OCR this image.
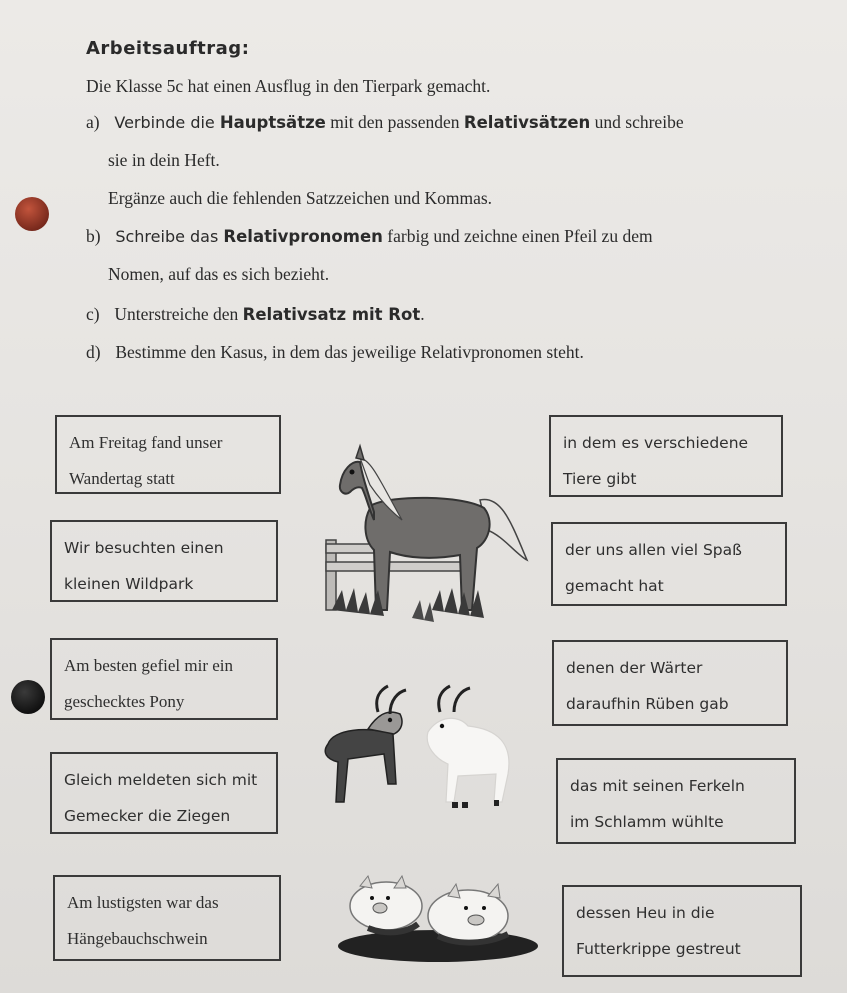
Arbeitsauftrag:
Die Klasse 5c hat einen Ausflug in den Tierpark gemacht.
a) Verbinde die Hauptsätze mit den passenden Relativsätzen und schreibe
sie in dein Heft.
Ergänze auch die fehlenden Satzzeichen und Kommas.
b) Schreibe das Relativpronomen farbig und zeichne einen Pfeil zu dem
Nomen, auf das es sich bezieht.
c) Unterstreiche den Relativsatz mit Rot.
d) Bestimme den Kasus, in dem das jeweilige Relativpronomen steht.
Am Freitag fand unser
Wandertag statt
Wir besuchten einen
kleinen Wildpark
Am besten gefiel mir ein
geschecktes Pony
Gleich meldeten sich mit
Gemecker die Ziegen
Am lustigsten war das
Hängebauchschwein
in dem es verschiedene
Tiere gibt
der uns allen viel Spaß
gemacht hat
denen der Wärter
daraufhin Rüben gab
das mit seinen Ferkeln
im Schlamm wühlte
dessen Heu in die
Futterkrippe gestreut
